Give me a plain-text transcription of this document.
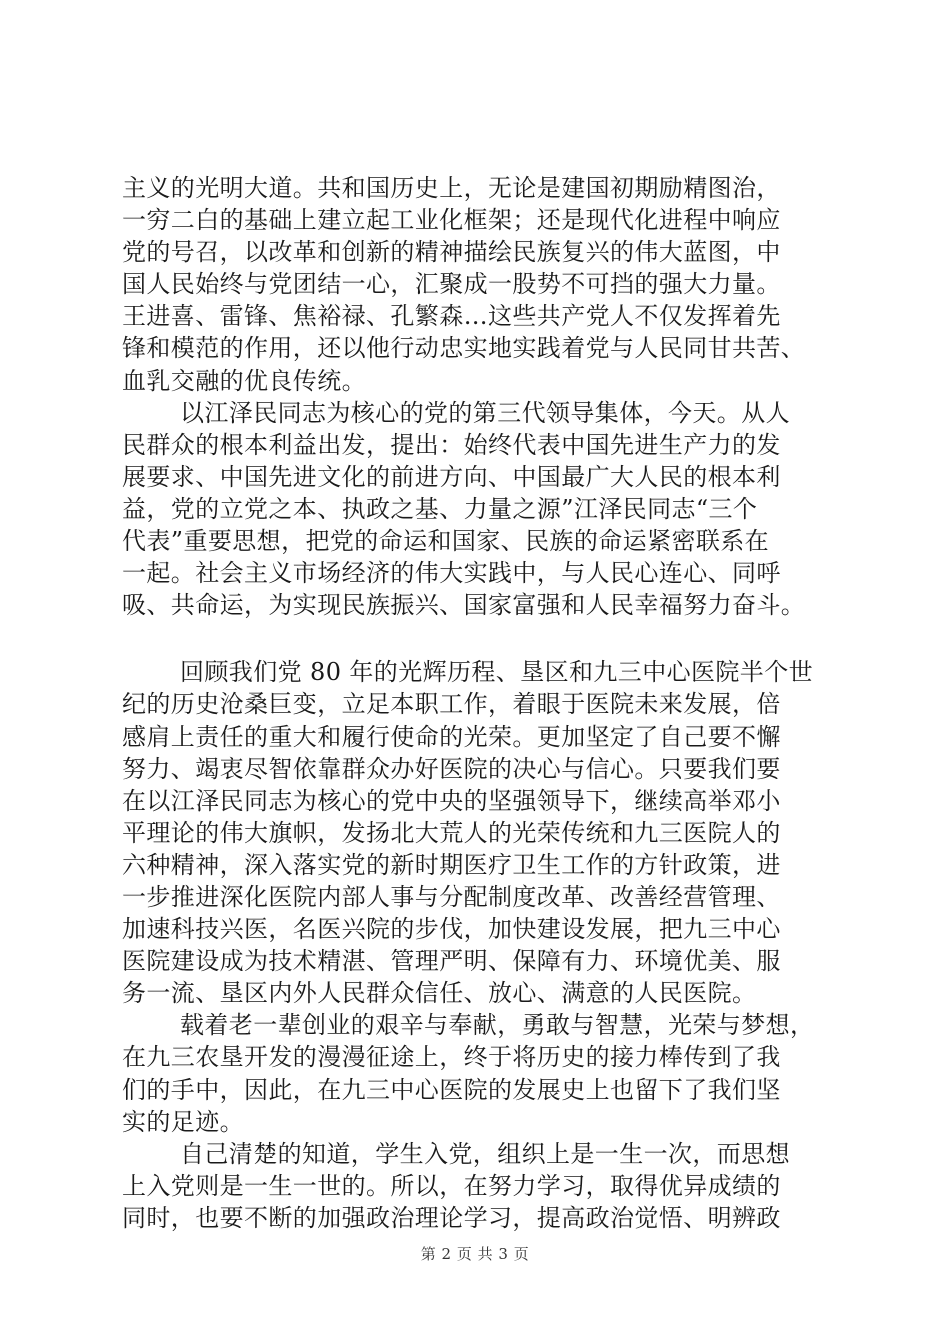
主义的光明大道。共和国历史上，无论是建国初期励精图治，
一穷二白的基础上建立起工业化框架；还是现代化进程中响应
党的号召，以改革和创新的精神描绘民族复兴的伟大蓝图，中
国人民始终与党团结一心，汇聚成一股势不可挡的强大力量。
王进喜、雷锋、焦裕禄、孔繁森…这些共产党人不仅发挥着先
锋和模范的作用，还以他行动忠实地实践着党与人民同甘共苦、
血乳交融的优良传统。
以江泽民同志为核心的党的第三代领导集体，今天。从人
民群众的根本利益出发，提出：始终代表中国先进生产力的发
展要求、中国先进文化的前进方向、中国最广大人民的根本利
益，党的立党之本、执政之基、力量之源”江泽民同志“三个
代表”重要思想，把党的命运和国家、民族的命运紧密联系在
一起。社会主义市场经济的伟大实践中，与人民心连心、同呼
吸、共命运，为实现民族振兴、国家富强和人民幸福努力奋斗。
回顾我们党 80 年的光辉历程、垦区和九三中心医院半个世
纪的历史沧桑巨变，立足本职工作，着眼于医院未来发展，倍
感肩上责任的重大和履行使命的光荣。更加坚定了自己要不懈
努力、竭衷尽智依靠群众办好医院的决心与信心。只要我们要
在以江泽民同志为核心的党中央的坚强领导下，继续高举邓小
平理论的伟大旗帜，发扬北大荒人的光荣传统和九三医院人的
六种精神，深入落实党的新时期医疗卫生工作的方针政策，进
一步推进深化医院内部人事与分配制度改革、改善经营管理、
加速科技兴医，名医兴院的步伐，加快建设发展，把九三中心
医院建设成为技术精湛、管理严明、保障有力、环境优美、服
务一流、垦区内外人民群众信任、放心、满意的人民医院。
载着老一辈创业的艰辛与奉献，勇敢与智慧，光荣与梦想，
在九三农垦开发的漫漫征途上，终于将历史的接力棒传到了我
们的手中，因此，在九三中心医院的发展史上也留下了我们坚
实的足迹。
自己清楚的知道，学生入党，组织上是一生一次，而思想
上入党则是一生一世的。所以，在努力学习，取得优异成绩的
同时，也要不断的加强政治理论学习，提高政治觉悟、明辨政
第 2 页 共 3 页
